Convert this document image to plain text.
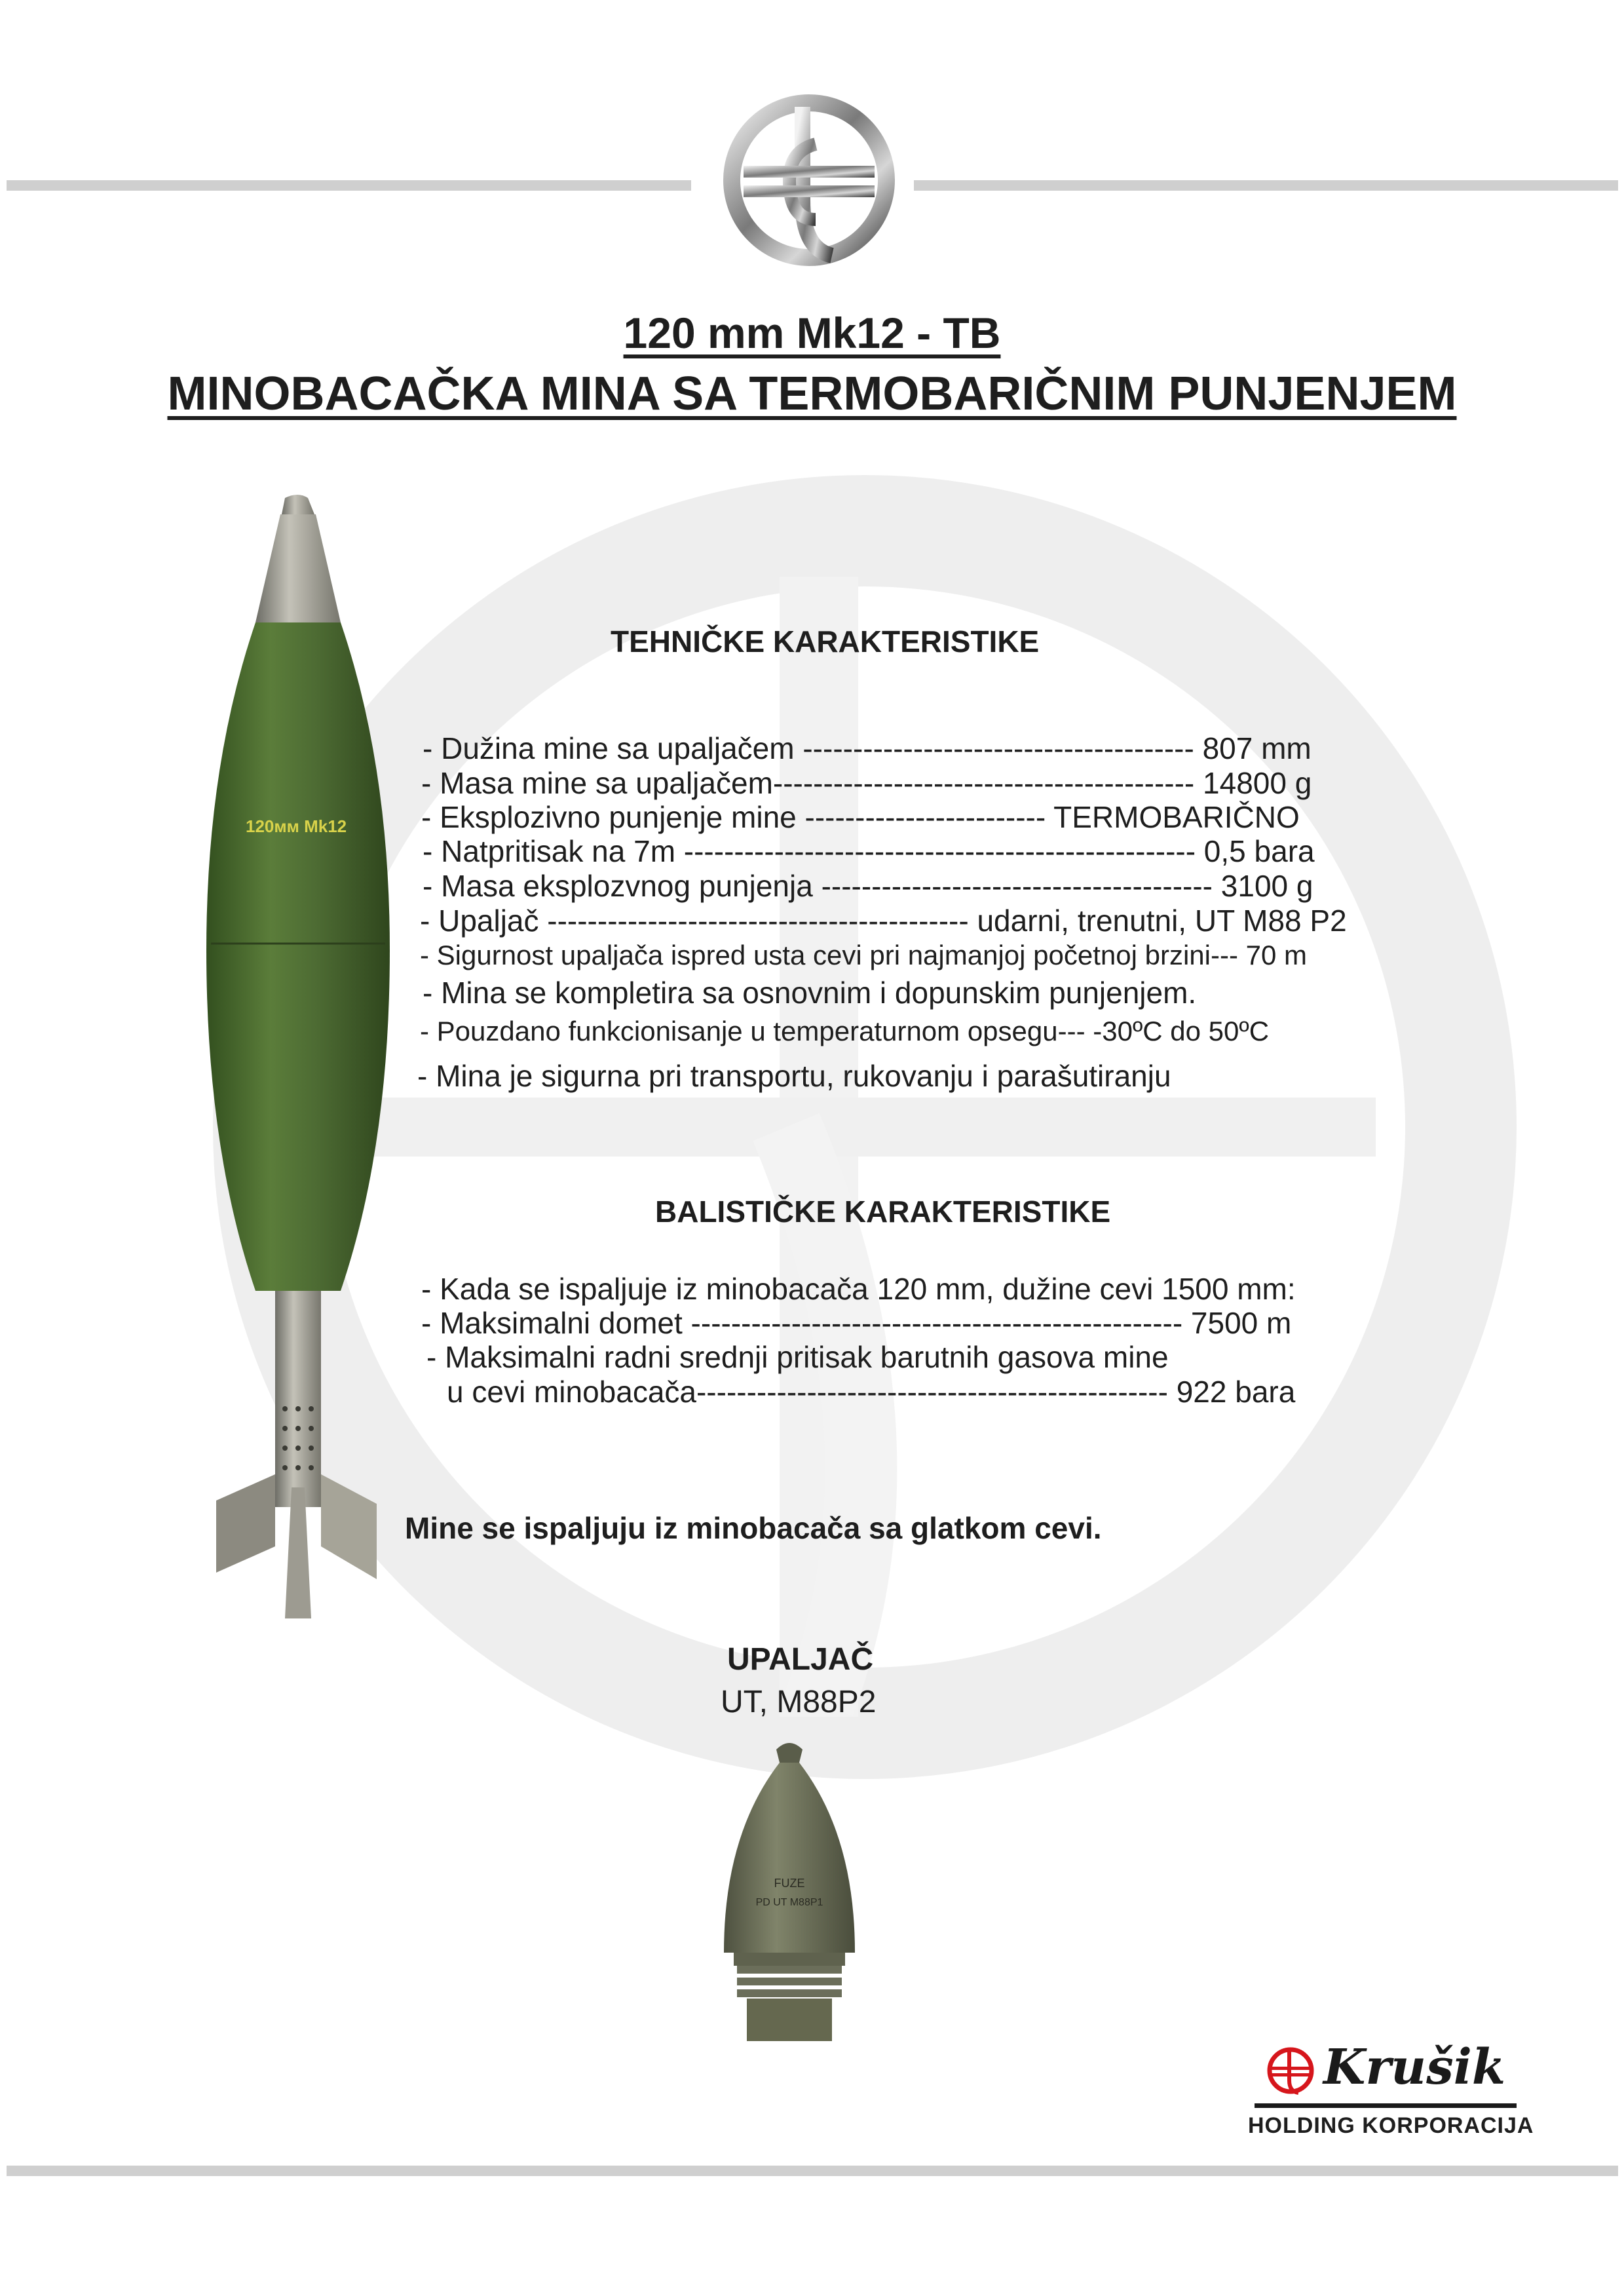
120 mm Mk12 - TB
MINOBACAČKA MINA SA TERMOBARIČNIM PUNJENJEM
120мм Mk12
TEHNIČKE KARAKTERISTIKE
- Dužina mine sa upaljačem --------------------------------------- 807 mm
- Masa mine sa upaljačem------------------------------------------ 14800 g
- Eksplozivno punjenje mine ------------------------ TERMOBARIČNO
- Natpritisak na 7m --------------------------------------------------- 0,5 bara
- Masa eksplozvnog punjenja --------------------------------------- 3100 g
- Upaljač ------------------------------------------ udarni, trenutni, UT M88 P2
- Sigurnost upaljača ispred usta cevi pri najmanjoj početnoj brzini--- 70 m
- Mina se kompletira sa osnovnim i dopunskim punjenjem.
- Pouzdano funkcionisanje u temperaturnom opsegu--- -30ºC do 50ºC
- Mina je sigurna pri transportu, rukovanju i parašutiranju
BALISTIČKE KARAKTERISTIKE
- Kada se ispaljuje iz minobacača 120 mm, dužine cevi 1500 mm:
- Maksimalni domet ------------------------------------------------- 7500 m
- Maksimalni radni srednji pritisak barutnih gasova mine
u cevi minobacača----------------------------------------------- 922 bara
Mine se ispaljuju iz minobacača sa glatkom cevi.
UPALJAČ
UT, M88P2
FUZE
PD UT M88P1
Krušik
HOLDING KORPORACIJA
